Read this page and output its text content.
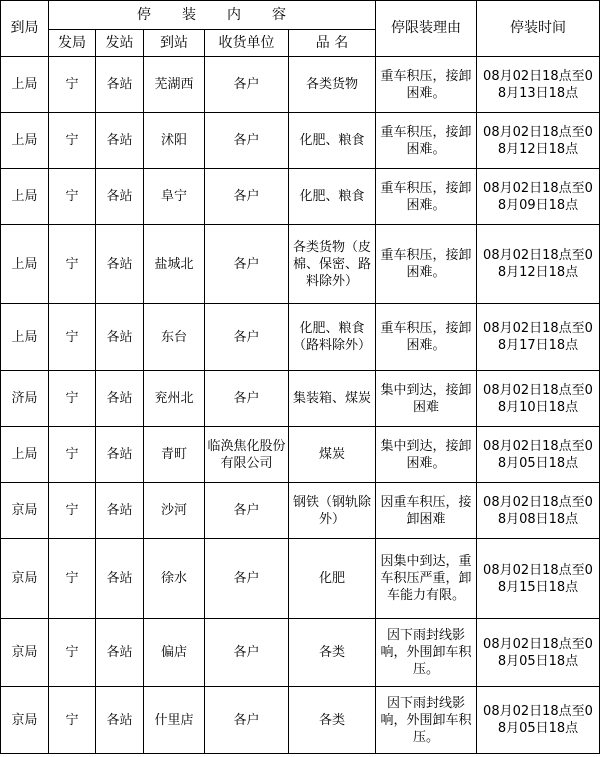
到局	停　　装　　内　　容					停限装理由	停装时间
	发局	发站	到站	收货单位	品 名		
上局	宁	各站	芜湖西	各户	各类货物	重车积压，接卸困难。	08月02日18点至08月13日18点
上局	宁	各站	沭阳	各户	化肥、粮食	重车积压，接卸困难。	08月02日18点至08月12日18点
上局	宁	各站	阜宁	各户	化肥、粮食	重车积压，接卸困难。	08月02日18点至08月09日18点
上局	宁	各站	盐城北	各户	各类货物（皮棉、保密、路料除外）	重车积压，接卸困难。	08月02日18点至08月12日18点
上局	宁	各站	东台	各户	化肥、粮食（路料除外）	重车积压，接卸困难。	08月02日18点至08月17日18点
济局	宁	各站	兖州北	各户	集装箱、煤炭	集中到达，接卸困难	08月02日18点至08月10日18点
上局	宁	各站	青町	临涣焦化股份有限公司	煤炭	集中到达，接卸困难。	08月02日18点至08月05日18点
京局	宁	各站	沙河	各户	钢铁（钢轨除外）	因重车积压，接卸困难	08月02日18点至08月08日18点
京局	宁	各站	徐水	各户	化肥	因集中到达，重车积压严重，卸车能力有限。	08月02日18点至08月15日18点
京局	宁	各站	偏店	各户	各类	因下雨封线影响，外围卸车积压。	08月02日18点至08月05日18点
京局	宁	各站	什里店	各户	各类	因下雨封线影响，外围卸车积压。	08月02日18点至08月05日18点
